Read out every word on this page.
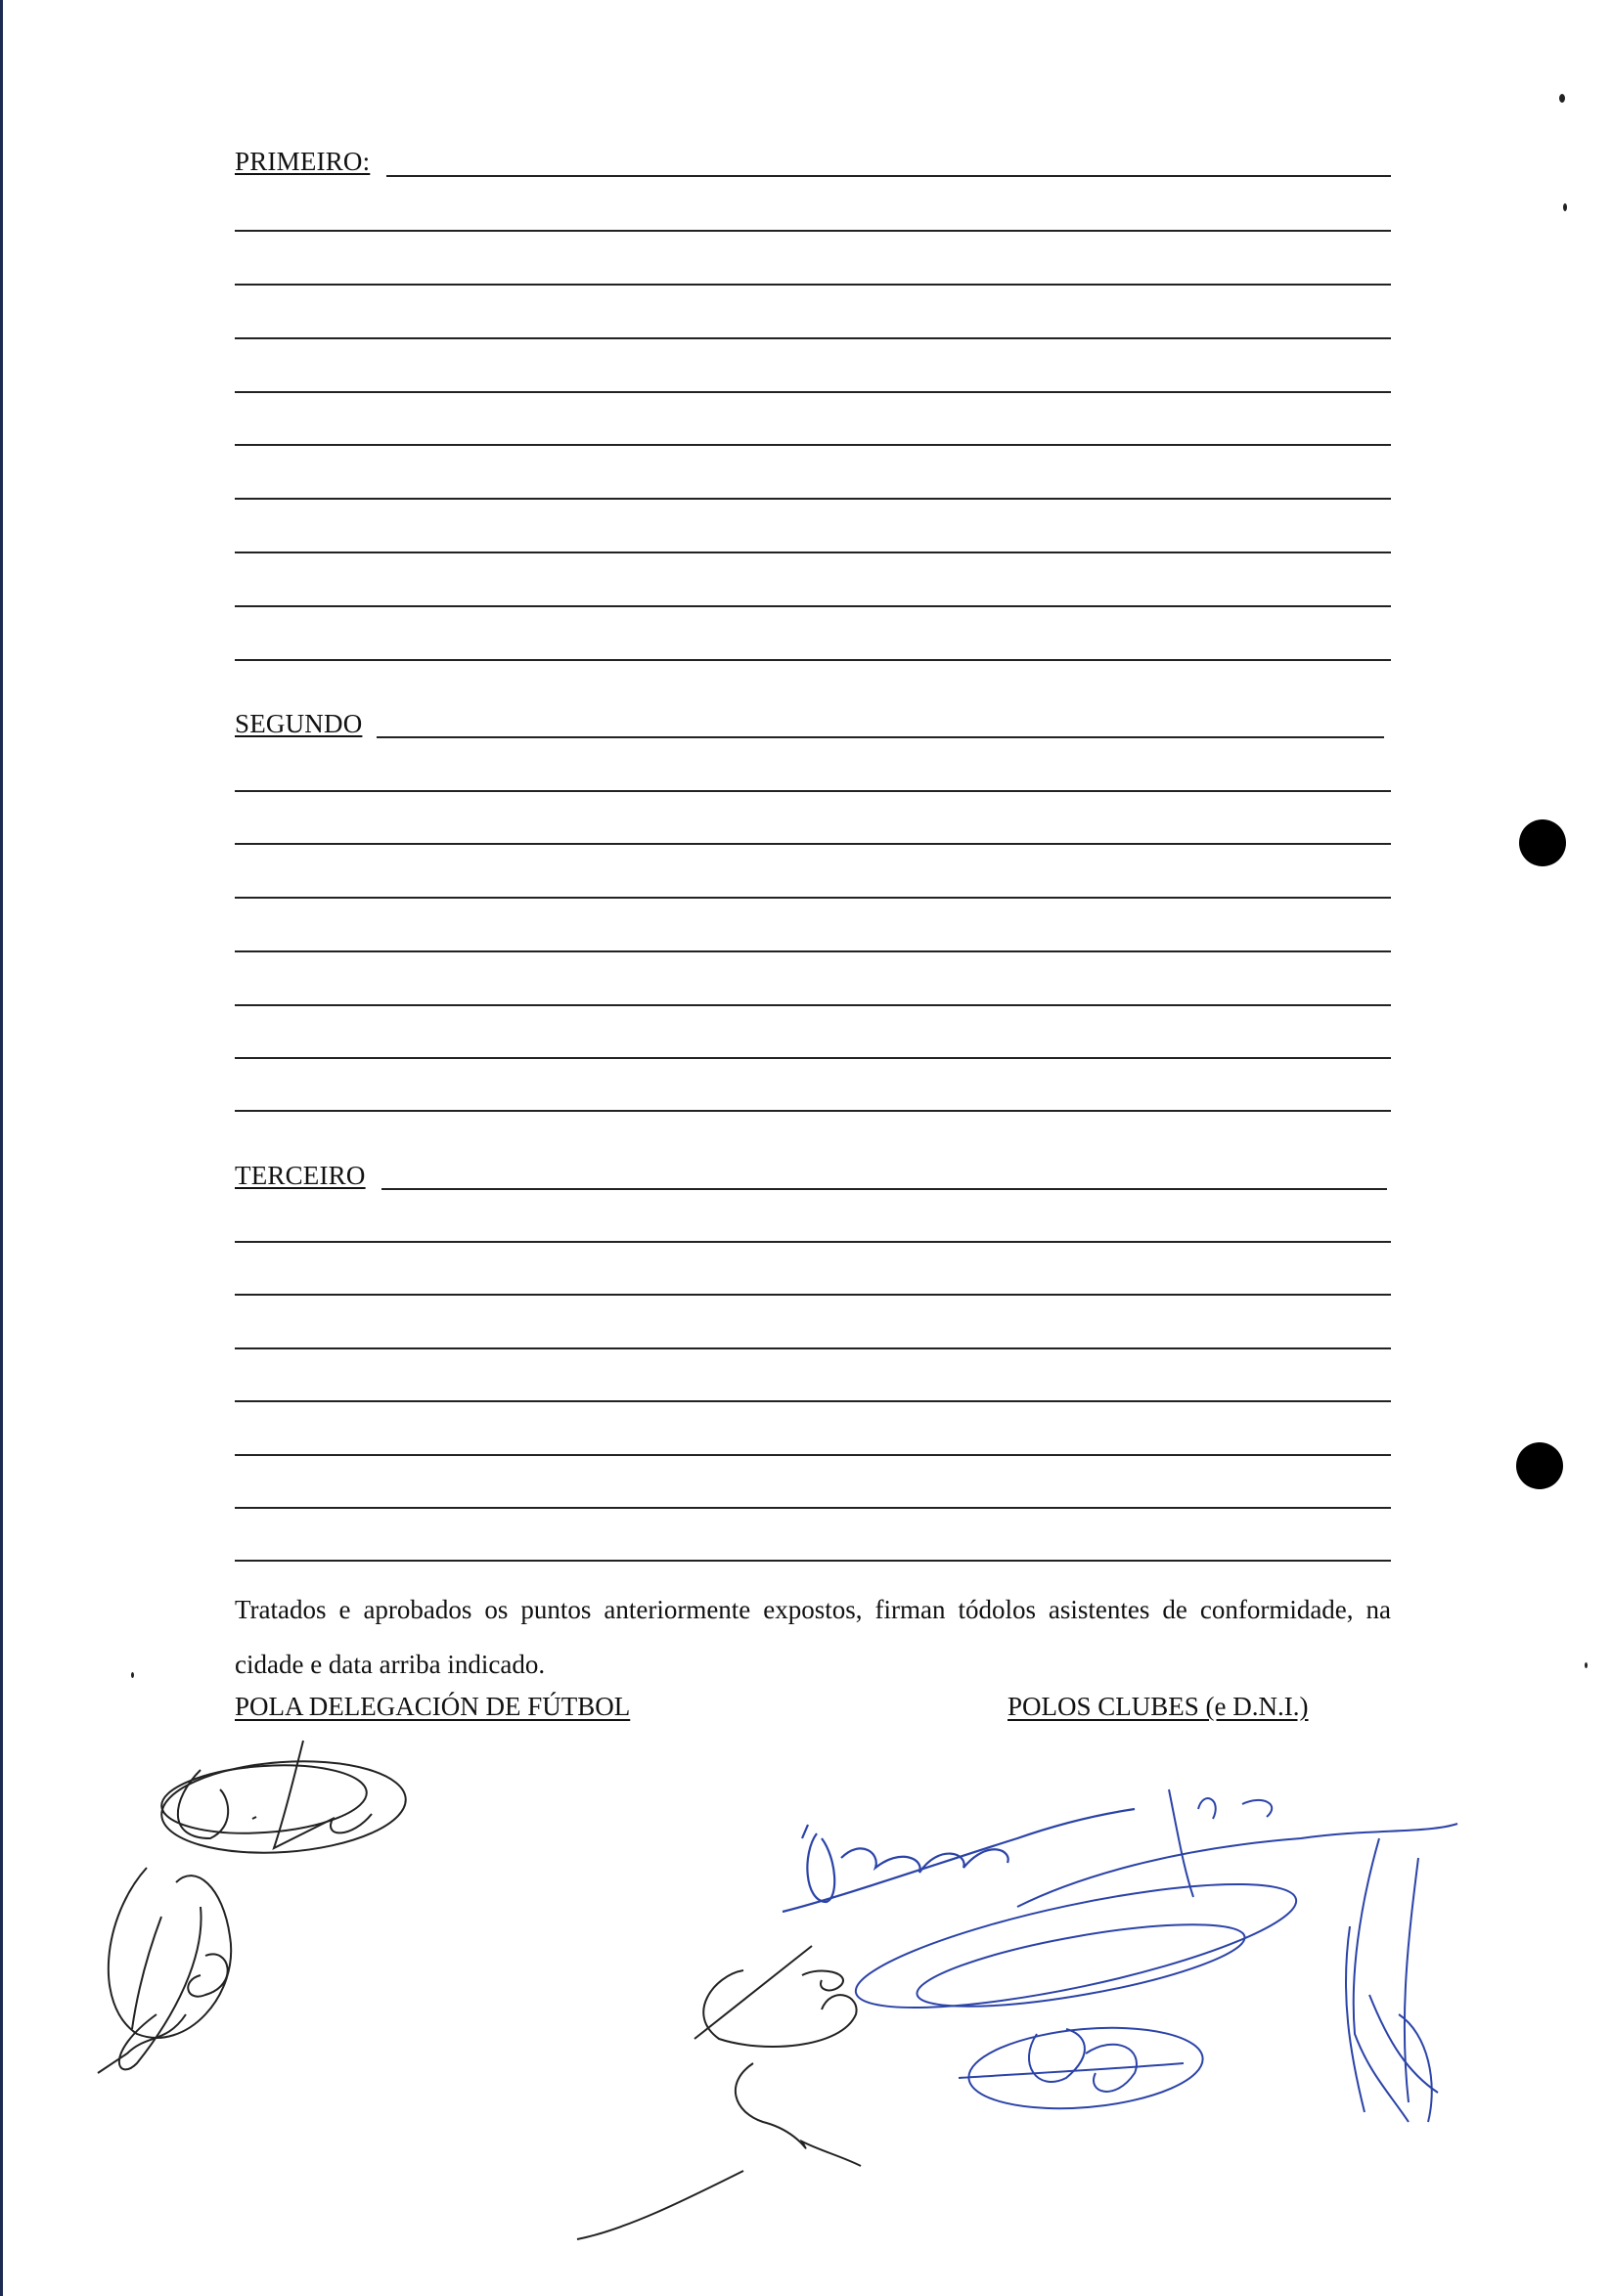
PRIMEIRO:
SEGUNDO
TERCEIRO
Tratados e aprobados os puntos anteriormente expostos, firman tódolos asistentes de conformidade, na cidade e data arriba indicado.
POLA DELEGACIÓN DE FÚTBOL	POLOS CLUBES (e D.N.I.)
